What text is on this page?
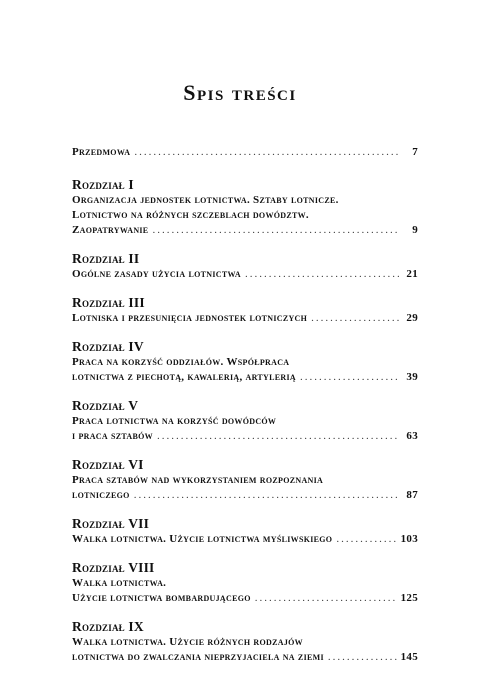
Spis treści
Przedmowa .....	7
Rozdział I
Organizacja jednostek lotnictwa. Sztaby lotnicze.
Lotnictwo na różnych szczeblach dowództw.
Zaopatrywanie .....	9
Rozdział II
Ogólne zasady użycia lotnictwa .....	21
Rozdział III
Lotniska i przesunięcia jednostek lotniczych .....	29
Rozdział IV
Praca na korzyść oddziałów. Współpraca
lotnictwa z piechotą, kawalerią, artylerią .....	39
Rozdział V
Praca lotnictwa na korzyść dowódców
i praca sztabów .....	63
Rozdział VI
Praca sztabów nad wykorzystaniem rozpoznania
lotniczego .....	87
Rozdział VII
Walka lotnictwa. Użycie lotnictwa myśliwskiego .....	103
Rozdział VIII
Walka lotnictwa.
Użycie lotnictwa bombardującego .....	125
Rozdział IX
Walka lotnictwa. Użycie różnych rodzajów
lotnictwa do zwalczania nieprzyjaciela na ziemi .....	145
